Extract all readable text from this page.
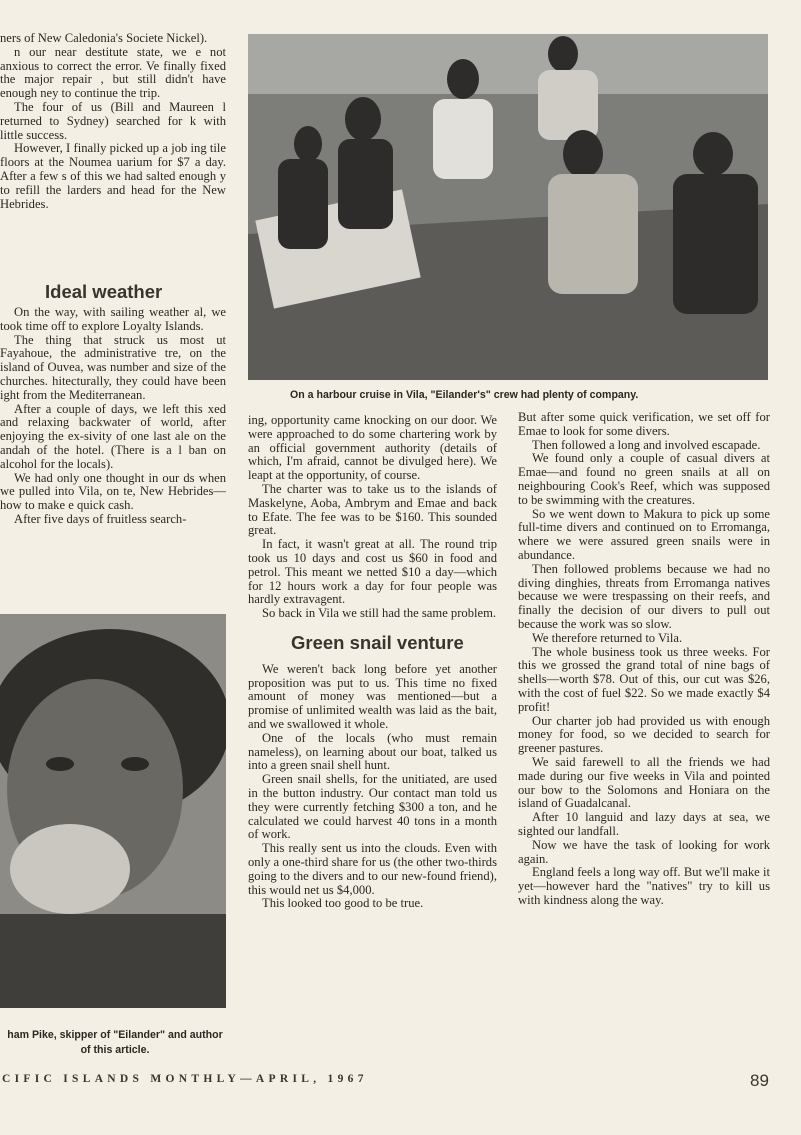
ners of New Caledonia's Societe Nickel).

n our near destitute state, we e not anxious to correct the error. Ve finally fixed the major repair , but still didn't have enough ney to continue the trip.

The four of us (Bill and Maureen l returned to Sydney) searched for k with little success.

However, I finally picked up a job ing tile floors at the Noumea uarium for $7 a day. After a few s of this we had salted enough y to refill the larders and head for the New Hebrides.

Ideal weather

On the way, with sailing weather al, we took time off to explore Loyalty Islands.

The thing that struck us most ut Fayahoue, the administrative tre, on the island of Ouvea, was number and size of the churches. hitecturally, they could have been ight from the Mediterranean.

After a couple of days, we left this xed and relaxing backwater of world, after enjoying the ex-sivity of one last ale on the andah of the hotel. (There is a l ban on alcohol for the locals).

We had only one thought in our ds when we pulled into Vila, on te, New Hebrides—how to make e quick cash.

After five days of fruitless search-

On a harbour cruise in Vila, "Eilander's" crew had plenty of company.
ham Pike, skipper of "Eilander" and author of this article.

ing, opportunity came knocking on our door. We were approached to do some chartering work by an official government authority (details of which, I'm afraid, cannot be divulged here). We leapt at the opportunity, of course.

The charter was to take us to the islands of Maskelyne, Aoba, Ambrym and Emae and back to Efate. The fee was to be $160. This sounded great.

In fact, it wasn't great at all. The round trip took us 10 days and cost us $60 in food and petrol. This meant we netted $10 a day—which for 12 hours work a day for four people was hardly extravagent.

So back in Vila we still had the same problem.

Green snail venture

We weren't back long before yet another proposition was put to us. This time no fixed amount of money was mentioned—but a promise of unlimited wealth was laid as the bait, and we swallowed it whole.

One of the locals (who must remain nameless), on learning about our boat, talked us into a green snail shell hunt.

Green snail shells, for the unitiated, are used in the button industry. Our contact man told us they were currently fetching $300 a ton, and he calculated we could harvest 40 tons in a month of work.

This really sent us into the clouds. Even with only a one-third share for us (the other two-thirds going to the divers and to our new-found friend), this would net us $4,000.

This looked too good to be true.

But after some quick verification, we set off for Emae to look for some divers.

Then followed a long and involved escapade.

We found only a couple of casual divers at Emae—and found no green snails at all on neighbouring Cook's Reef, which was supposed to be swimming with the creatures.

So we went down to Makura to pick up some full-time divers and continued on to Erromanga, where we were assured green snails were in abundance.

Then followed problems because we had no diving dinghies, threats from Erromanga natives because we were trespassing on their reefs, and finally the decision of our divers to pull out because the work was so slow.

We therefore returned to Vila.

The whole business took us three weeks. For this we grossed the grand total of nine bags of shells—worth $78. Out of this, our cut was $26, with the cost of fuel $22. So we made exactly $4 profit!

Our charter job had provided us with enough money for food, so we decided to search for greener pastures.

We said farewell to all the friends we had made during our five weeks in Vila and pointed our bow to the Solomons and Honiara on the island of Guadalcanal.

After 10 languid and lazy days at sea, we sighted our landfall.

Now we have the task of looking for work again.

England feels a long way off. But we'll make it yet—however hard the "natives" try to kill us with kindness along the way.

CIFIC ISLANDS MONTHLY—APRIL, 1967	89
